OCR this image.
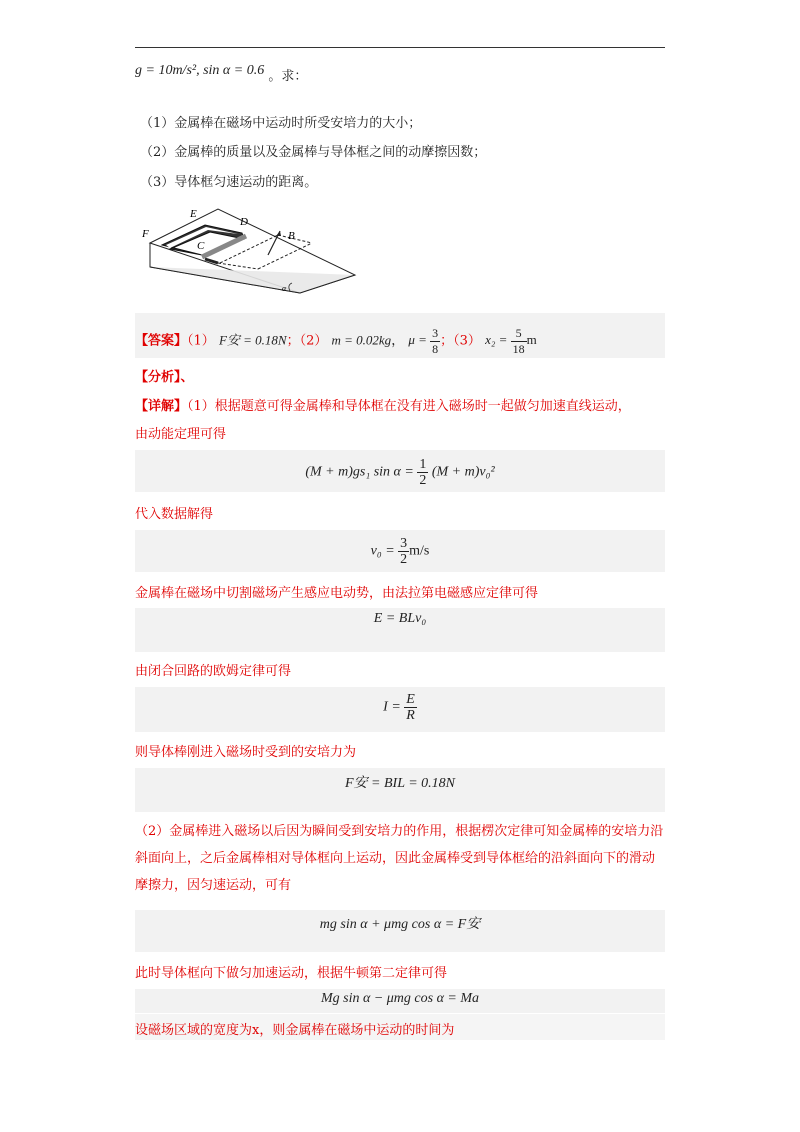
g = 10m/s², sin α = 0.6 。求：
（1）金属棒在磁场中运动时所受安培力的大小；
（2）金属棒的质量以及金属棒与导体框之间的动摩擦因数；
（3）导体框匀速运动的距离。
E
D
F
C
B
α
【答案】（1） F安 = 0.18N；（2） m = 0.02kg， $\mu = \frac{3}{8}$ ；（3） $x_2 = \frac{5}{18}$ m
【分析】、
【详解】（1）根据题意可得金属棒和导体框在没有进入磁场时一起做匀加速直线运动，
由动能定理可得
(M + m)gs₁ $\sin \alpha = \frac{1}{2} (M + m)v_0^2$
代入数据解得
$v_0 = \frac{3}{2} m/s$
金属棒在磁场中切割磁场产生感应电动势，由法拉第电磁感应定律可得
E = BLv₀
由闭合回路的欧姆定律可得
$I = \frac{E}{R}$
则导体棒刚进入磁场时受到的安培力为
F安 = BIL = 0.18N
（2）金属棒进入磁场以后因为瞬间受到安培力的作用，根据楞次定律可知金属棒的安培力沿斜面向上，之后金属棒相对导体框向上运动，因此金属棒受到导体框给的沿斜面向下的滑动摩擦力，因匀速运动，可有
mg sin α + μmg cos α = F安
此时导体框向下做匀加速运动，根据牛顿第二定律可得
Mg sin α − μmg cos α = Ma
设磁场区域的宽度为x，则金属棒在磁场中运动的时间为
